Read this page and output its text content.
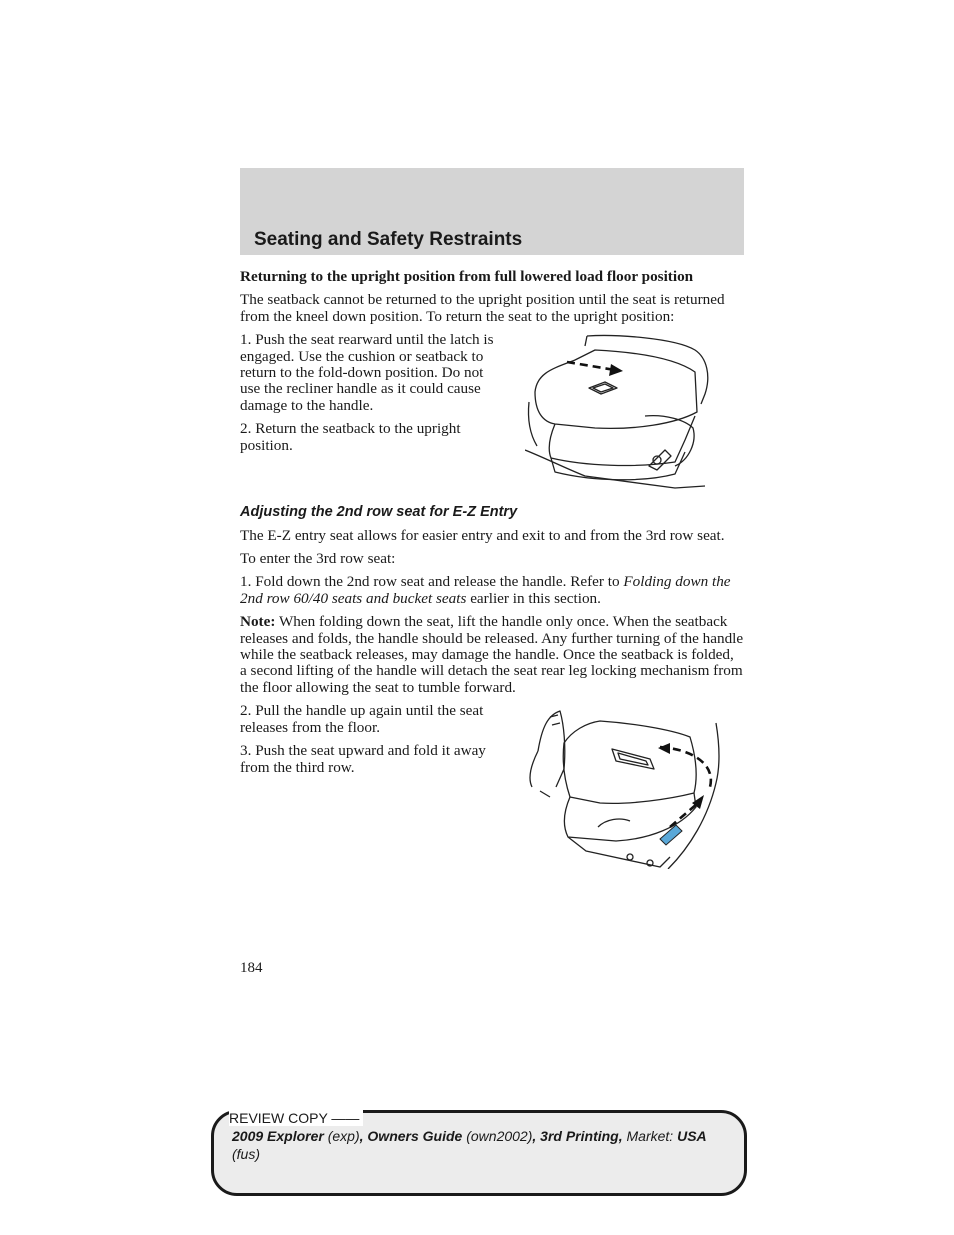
Seating and Safety Restraints

Returning to the upright position from full lowered load floor position

The seatback cannot be returned to the upright position until the seat is returned from the kneel down position. To return the seat to the upright position:

1. Push the seat rearward until the latch is engaged. Use the cushion or seatback to return to the fold-down position. Do not use the recliner handle as it could cause damage to the handle.

2. Return the seatback to the upright position.

Adjusting the 2nd row seat for E-Z Entry

The E-Z entry seat allows for easier entry and exit to and from the 3rd row seat.

To enter the 3rd row seat:

1. Fold down the 2nd row seat and release the handle. Refer to Folding down the 2nd row 60/40 seats and bucket seats earlier in this section.

Note: When folding down the seat, lift the handle only once. When the seatback releases and folds, the handle should be released. Any further turning of the handle while the seatback releases, may damage the handle. Once the seatback is folded, a second lifting of the handle will detach the seat rear leg locking mechanism from the floor allowing the seat to tumble forward.

2. Pull the handle up again until the seat releases from the floor.

3. Push the seat upward and fold it away from the third row.

184
2009 Explorer (exp), Owners Guide (own2002), 3rd Printing, Market: USA
(fus)
REVIEW COPY ——
